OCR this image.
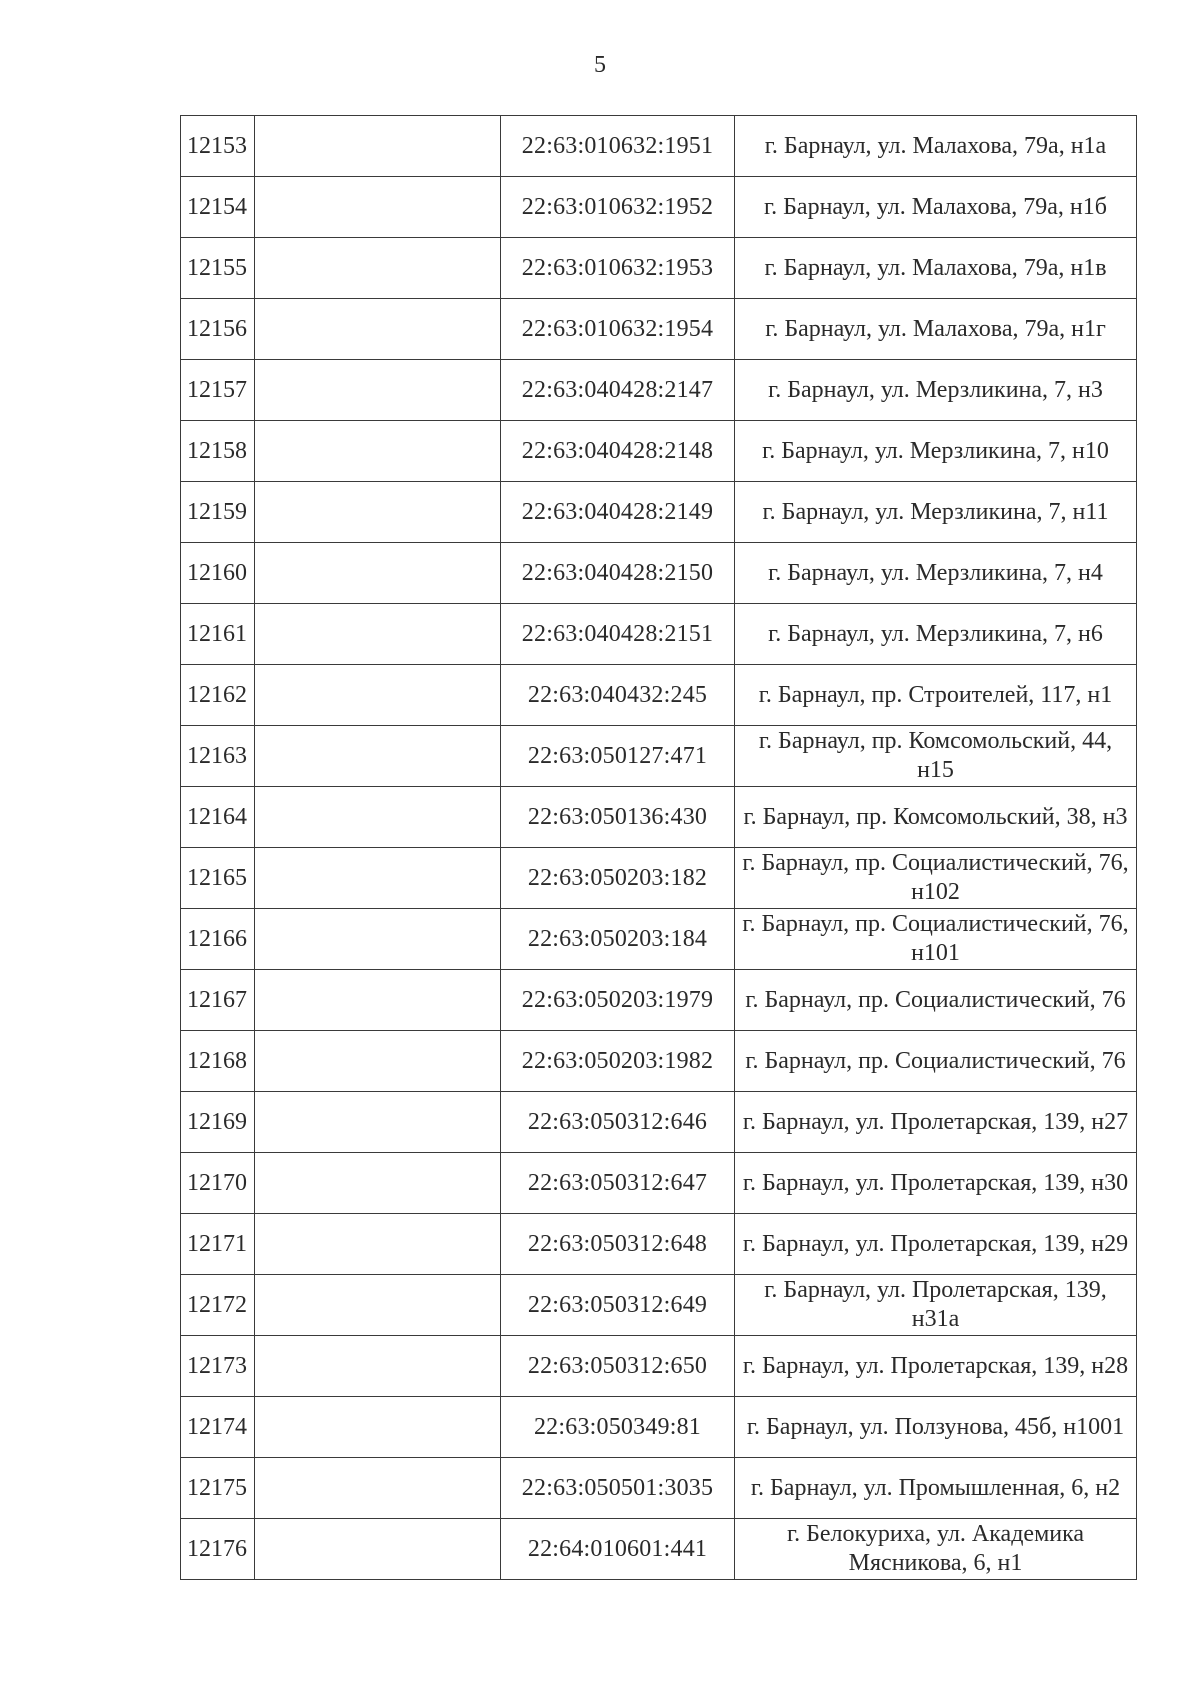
5
12153		22:63:010632:1951	г. Барнаул, ул. Малахова, 79а, н1а
12154		22:63:010632:1952	г. Барнаул, ул. Малахова, 79а, н1б
12155		22:63:010632:1953	г. Барнаул, ул. Малахова, 79а, н1в
12156		22:63:010632:1954	г. Барнаул, ул. Малахова, 79а, н1г
12157		22:63:040428:2147	г. Барнаул, ул. Мерзликина, 7, н3
12158		22:63:040428:2148	г. Барнаул, ул. Мерзликина, 7, н10
12159		22:63:040428:2149	г. Барнаул, ул. Мерзликина, 7, н11
12160		22:63:040428:2150	г. Барнаул, ул. Мерзликина, 7, н4
12161		22:63:040428:2151	г. Барнаул, ул. Мерзликина, 7, н6
12162		22:63:040432:245	г. Барнаул, пр. Строителей, 117, н1
12163		22:63:050127:471	г. Барнаул, пр. Комсомольский, 44, н15
12164		22:63:050136:430	г. Барнаул, пр. Комсомольский, 38, н3
12165		22:63:050203:182	г. Барнаул, пр. Социалистический, 76, н102
12166		22:63:050203:184	г. Барнаул, пр. Социалистический, 76, н101
12167		22:63:050203:1979	г. Барнаул, пр. Социалистический, 76
12168		22:63:050203:1982	г. Барнаул, пр. Социалистический, 76
12169		22:63:050312:646	г. Барнаул, ул. Пролетарская, 139, н27
12170		22:63:050312:647	г. Барнаул, ул. Пролетарская, 139, н30
12171		22:63:050312:648	г. Барнаул, ул. Пролетарская, 139, н29
12172		22:63:050312:649	г. Барнаул, ул. Пролетарская, 139, н31а
12173		22:63:050312:650	г. Барнаул, ул. Пролетарская, 139, н28
12174		22:63:050349:81	г. Барнаул, ул. Ползунова, 45б, н1001
12175		22:63:050501:3035	г. Барнаул, ул. Промышленная, 6, н2
12176		22:64:010601:441	г. Белокуриха, ул. Академика Мясникова, 6, н1
